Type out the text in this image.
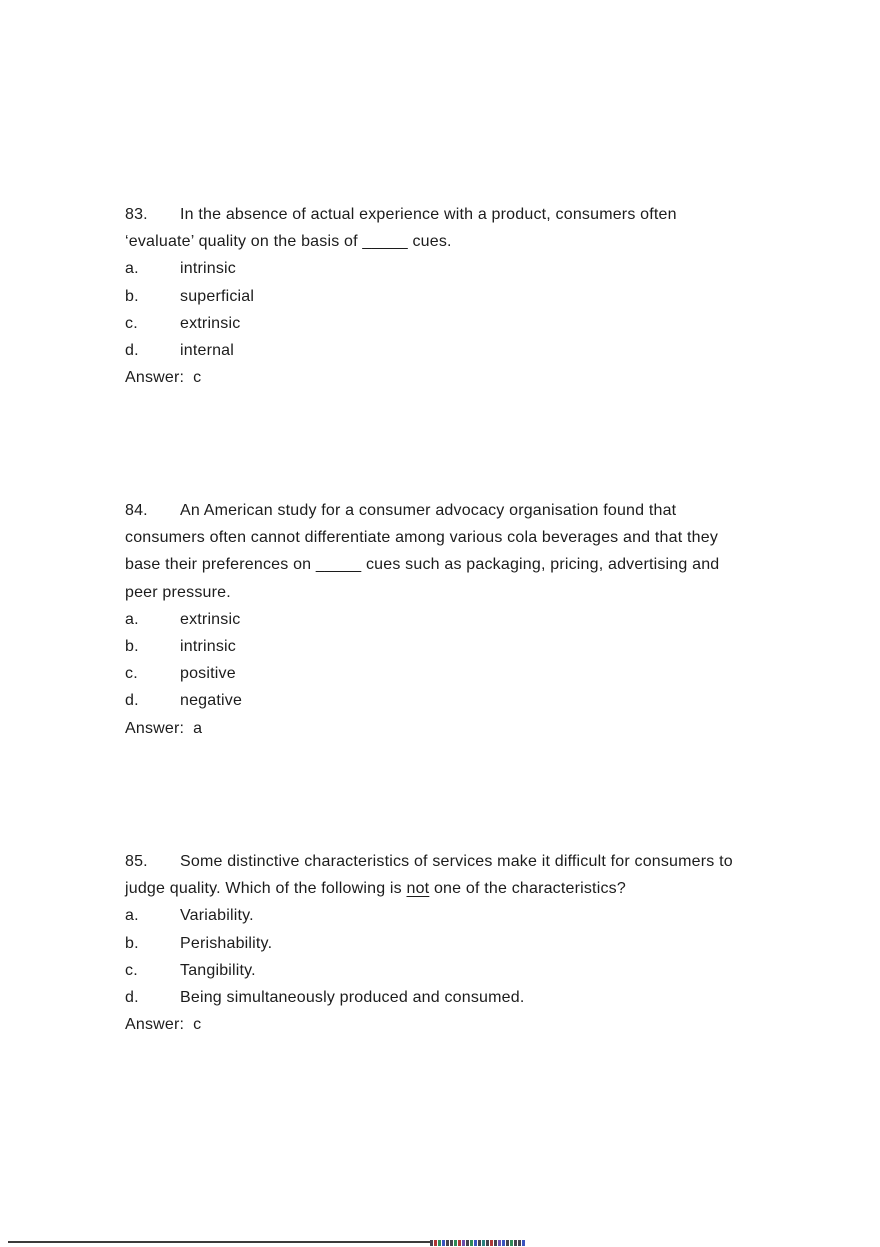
83. In the absence of actual experience with a product, consumers often
‘evaluate’ quality on the basis of _____ cues.
a.	intrinsic
b.	superficial
c.	extrinsic
d.	internal
Answer: c
84. An American study for a consumer advocacy organisation found that
consumers often cannot differentiate among various cola beverages and that they
base their preferences on _____ cues such as packaging, pricing, advertising and
peer pressure.
a.	extrinsic
b.	intrinsic
c.	positive
d.	negative
Answer: a
85. Some distinctive characteristics of services make it difficult for consumers to
judge quality. Which of the following is not one of the characteristics?
a.	Variability.
b.	Perishability.
c.	Tangibility.
d.	Being simultaneously produced and consumed.
Answer: c
